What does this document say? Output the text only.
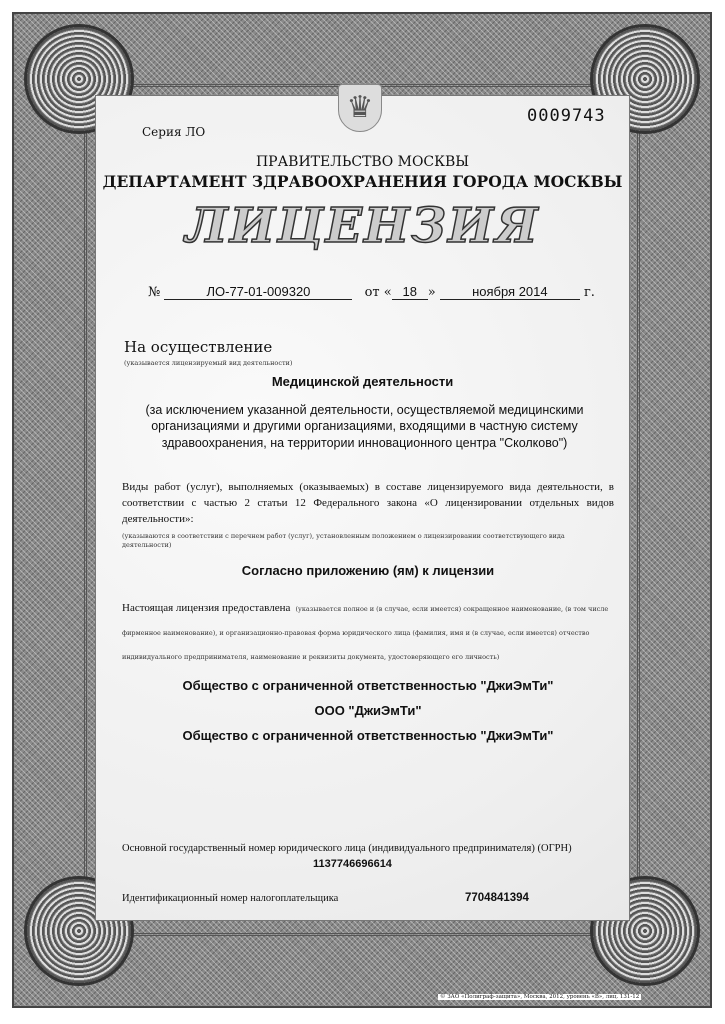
♛
Серия ЛО
0009743
ПРАВИТЕЛЬСТВО МОСКВЫ
ДЕПАРТАМЕНТ ЗДРАВООХРАНЕНИЯ ГОРОДА МОСКВЫ
ЛИЦЕНЗИЯ
№	ЛО-77-01-009320	от « 18 »	ноября 2014	г.
На осуществление
(указывается лицензируемый вид деятельности)
Медицинской деятельности
(за исключением указанной деятельности, осуществляемой медицинскими организациями и другими организациями, входящими в частную систему здравоохранения, на территории инновационного центра "Сколково")
Виды работ (услуг), выполняемых (оказываемых) в составе лицензируемого вида деятельности, в соответствии с частью 2 статьи 12 Федерального закона «О лицензировании отдельных видов деятельности»:
(указываются в соответствии с перечнем работ (услуг), установленным положением о лицензировании соответствующего вида деятельности)
Согласно приложению (ям) к лицензии
Настоящая лицензия предоставлена (указывается полное и (в случае, если имеется) сокращенное наименование, (в том числе фирменное наименование), и организационно-правовая форма юридического лица (фамилия, имя и (в случае, если имеется) отчество индивидуального предпринимателя, наименование и реквизиты документа, удостоверяющего его личность)
Общество с ограниченной ответственностью "ДжиЭмТи"
ООО "ДжиЭмТи"
Общество с ограниченной ответственностью "ДжиЭмТи"
Основной государственный номер юридического лица (индивидуального предпринимателя) (ОГРН)
1137746696614
Идентификационный номер налогоплательщика	7704841394
© ЗАО «Полиграф-защита», Москва, 2012, уровень «В», лиц. 131-12
